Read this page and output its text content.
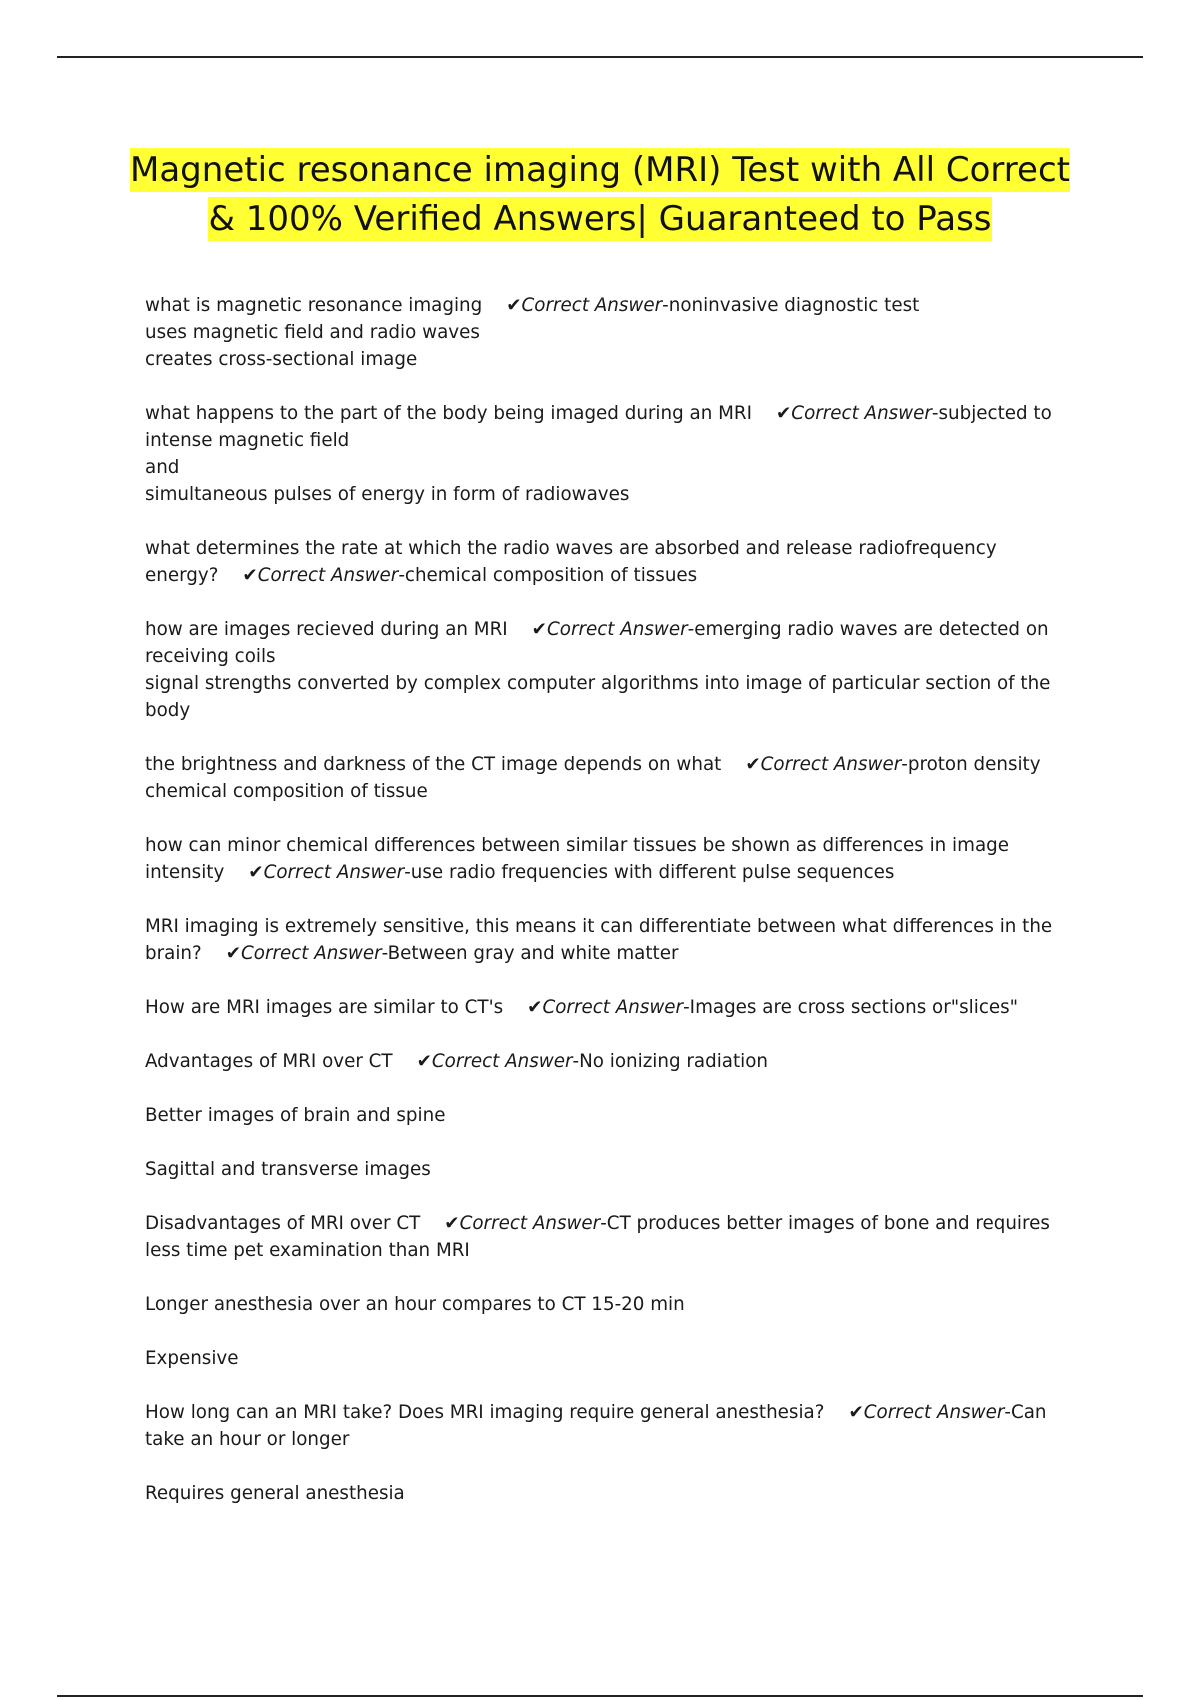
Magnetic resonance imaging (MRI) Test with All Correct
& 100% Verified Answers| Guaranteed to Pass
what is magnetic resonance imaging ✔Correct Answer-noninvasive diagnostic test
uses magnetic field and radio waves
creates cross-sectional image
what happens to the part of the body being imaged during an MRI ✔Correct Answer-subjected to intense magnetic field
and
simultaneous pulses of energy in form of radiowaves
what determines the rate at which the radio waves are absorbed and release radiofrequency energy? ✔Correct Answer-chemical composition of tissues
how are images recieved during an MRI ✔Correct Answer-emerging radio waves are detected on receiving coils
signal strengths converted by complex computer algorithms into image of particular section of the body
the brightness and darkness of the CT image depends on what ✔Correct Answer-proton density
chemical composition of tissue
how can minor chemical differences between similar tissues be shown as differences in image intensity ✔Correct Answer-use radio frequencies with different pulse sequences
MRI imaging is extremely sensitive, this means it can differentiate between what differences in the brain? ✔Correct Answer-Between gray and white matter
How are MRI images are similar to CT's ✔Correct Answer-Images are cross sections or"slices"
Advantages of MRI over CT ✔Correct Answer-No ionizing radiation
Better images of brain and spine
Sagittal and transverse images
Disadvantages of MRI over CT ✔Correct Answer-CT produces better images of bone and requires less time pet examination than MRI
Longer anesthesia over an hour compares to CT 15-20 min
Expensive
How long can an MRI take? Does MRI imaging require general anesthesia? ✔Correct Answer-Can take an hour or longer
Requires general anesthesia
